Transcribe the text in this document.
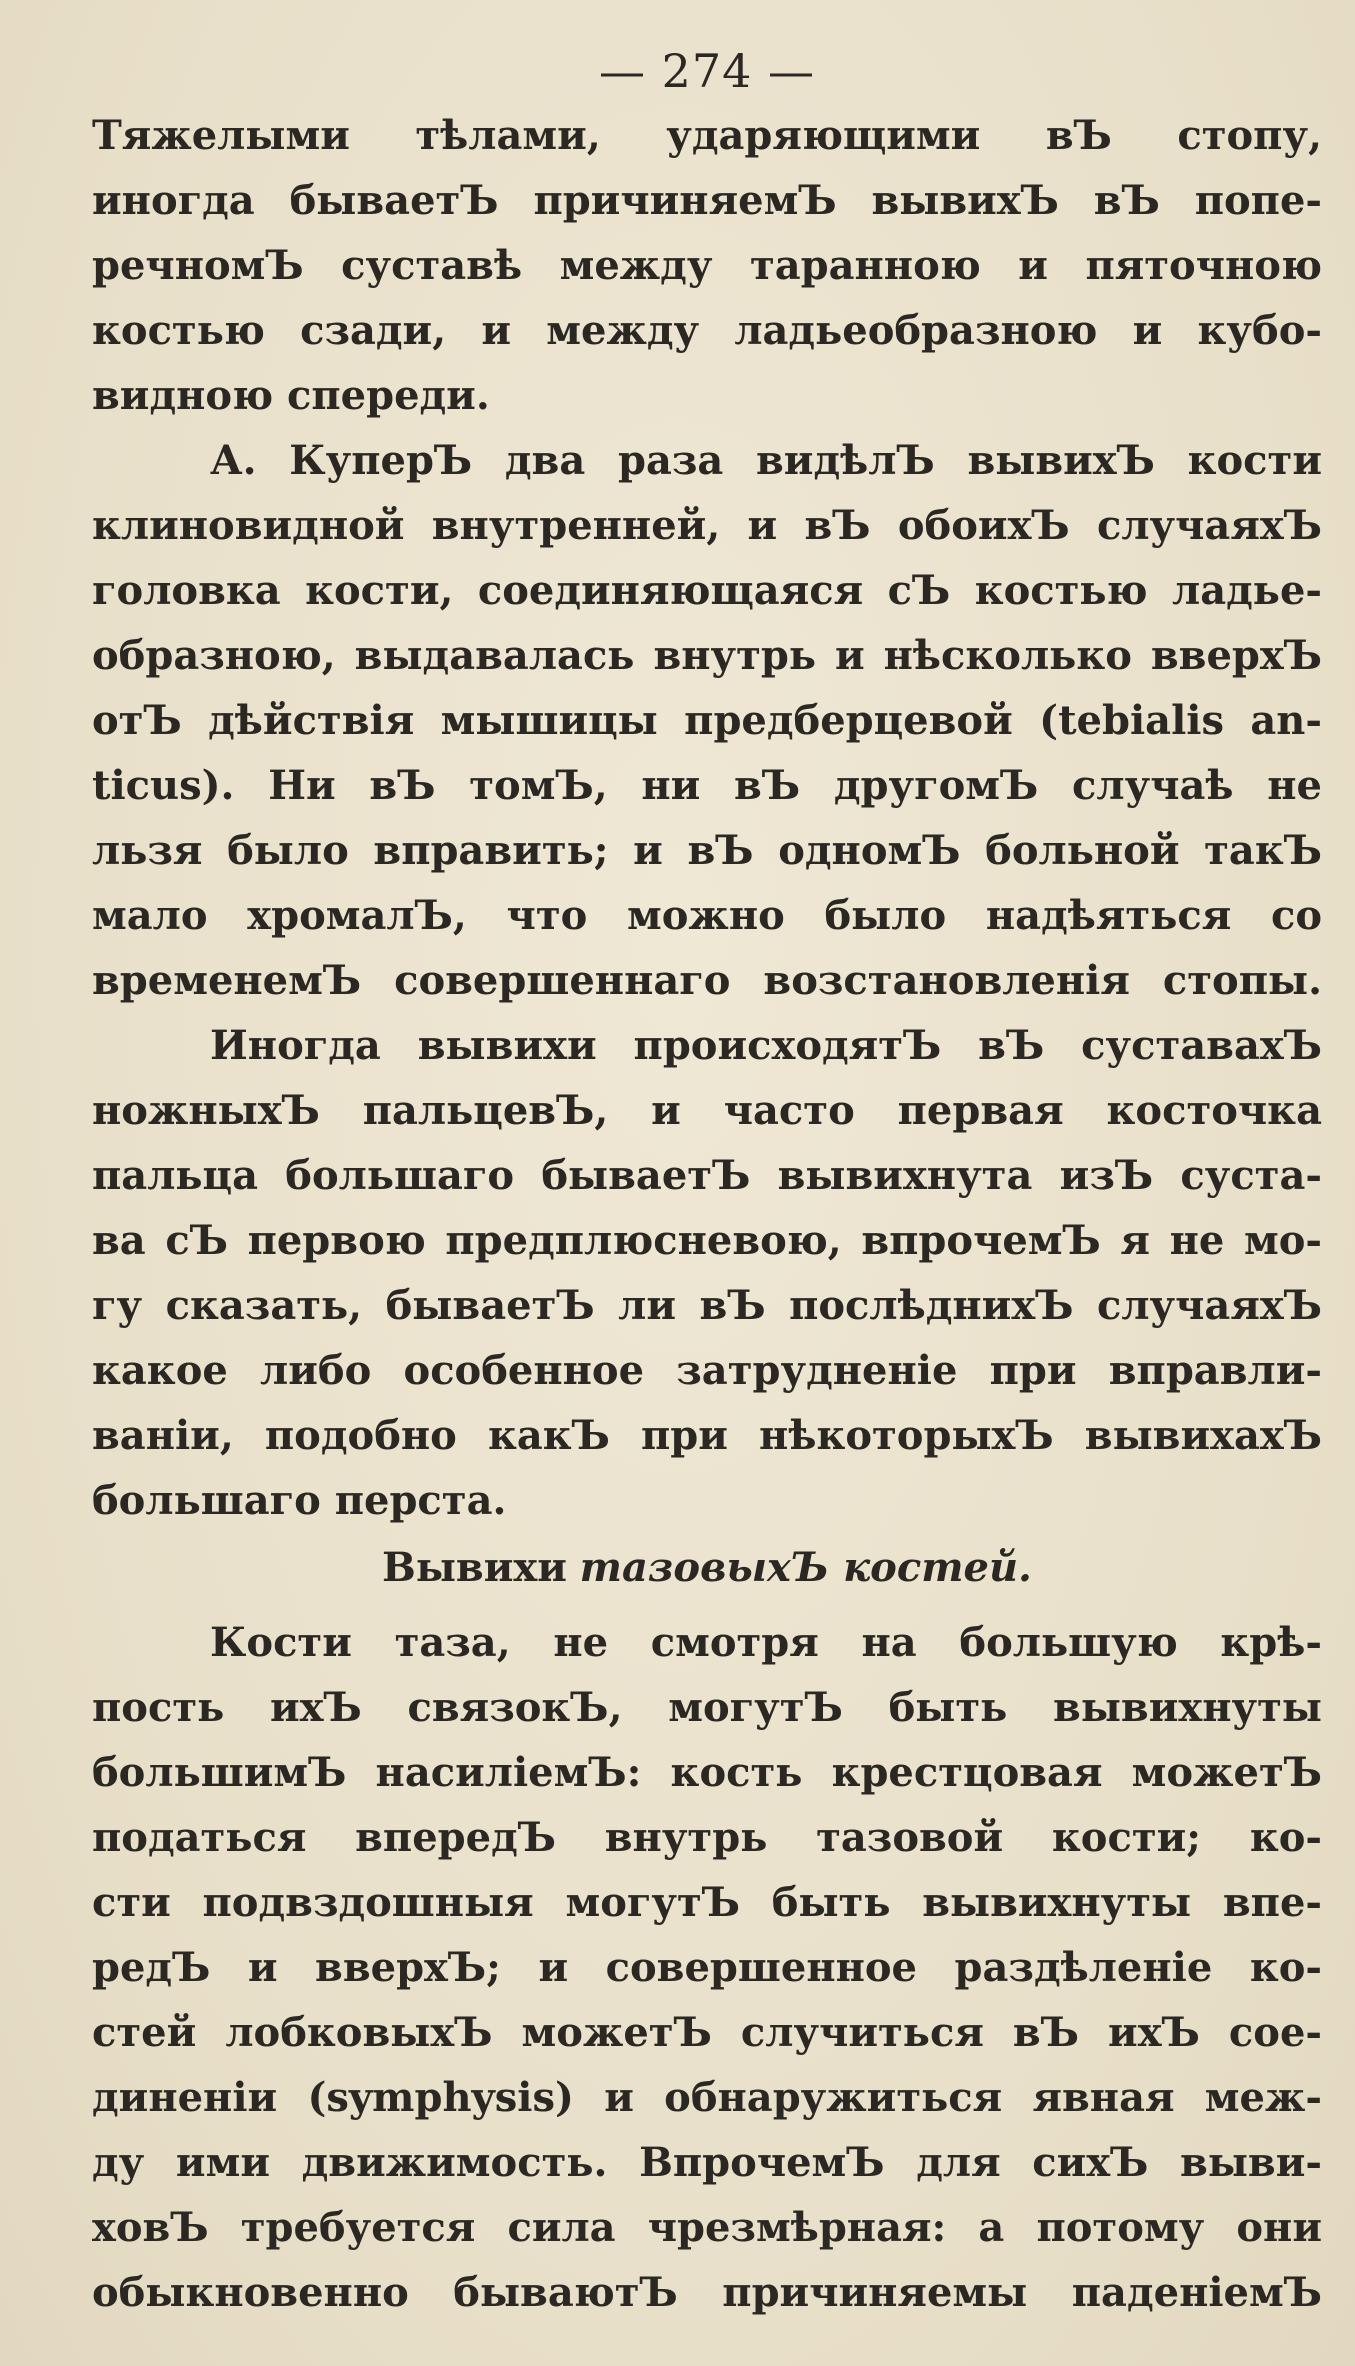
— 274 —
Тяжелыми тѣлами, ударяющими вЪ стопу,
иногда бываетЪ причиняемЪ вывихЪ вЪ попе-
речномЪ суставѣ между таранною и пяточною
костью сзади, и между ладьеобразною и кубо-
видною спереди.
А. КуперЪ два раза видѣлЪ вывихЪ кости
клиновидной внутренней, и вЪ обоихЪ случаяхЪ
головка кости, соединяющаяся сЪ костью ладье-
образною, выдавалась внутрь и нѣсколько вверхЪ
отЪ дѣйствія мышицы предберцевой (tebialis an-
ticus). Ни вЪ томЪ, ни вЪ другомЪ случаѣ не
льзя было вправить; и вЪ одномЪ больной такЪ
мало хромалЪ, что можно было надѣяться со
временемЪ совершеннаго возстановленія стопы.
Иногда вывихи происходятЪ вЪ суставахЪ
ножныхЪ пальцевЪ, и часто первая косточка
пальца большаго бываетЪ вывихнута изЪ суста-
ва сЪ первою предплюсневою, впрочемЪ я не мо-
гу сказать, бываетЪ ли вЪ послѣднихЪ случаяхЪ
какое либо особенное затрудненіе при вправли-
ваніи, подобно какЪ при нѣкоторыхЪ вывихахЪ
большаго перста.
Вывихи тазовыхЪ костей.
Кости таза, не смотря на большую крѣ-
пость ихЪ связокЪ, могутЪ быть вывихнуты
большимЪ насиліемЪ: кость крестцовая можетЪ
податься впередЪ внутрь тазовой кости; ко-
сти подвздошныя могутЪ быть вывихнуты впе-
редЪ и вверхЪ; и совершенное раздѣленіе ко-
стей лобковыхЪ можетЪ случиться вЪ ихЪ сое-
диненіи (symphysis) и обнаружиться явная меж-
ду ими движимость. ВпрочемЪ для сихЪ выви-
ховЪ требуется сила чрезмѣрная: а потому они
обыкновенно бываютЪ причиняемы паденіемЪ
